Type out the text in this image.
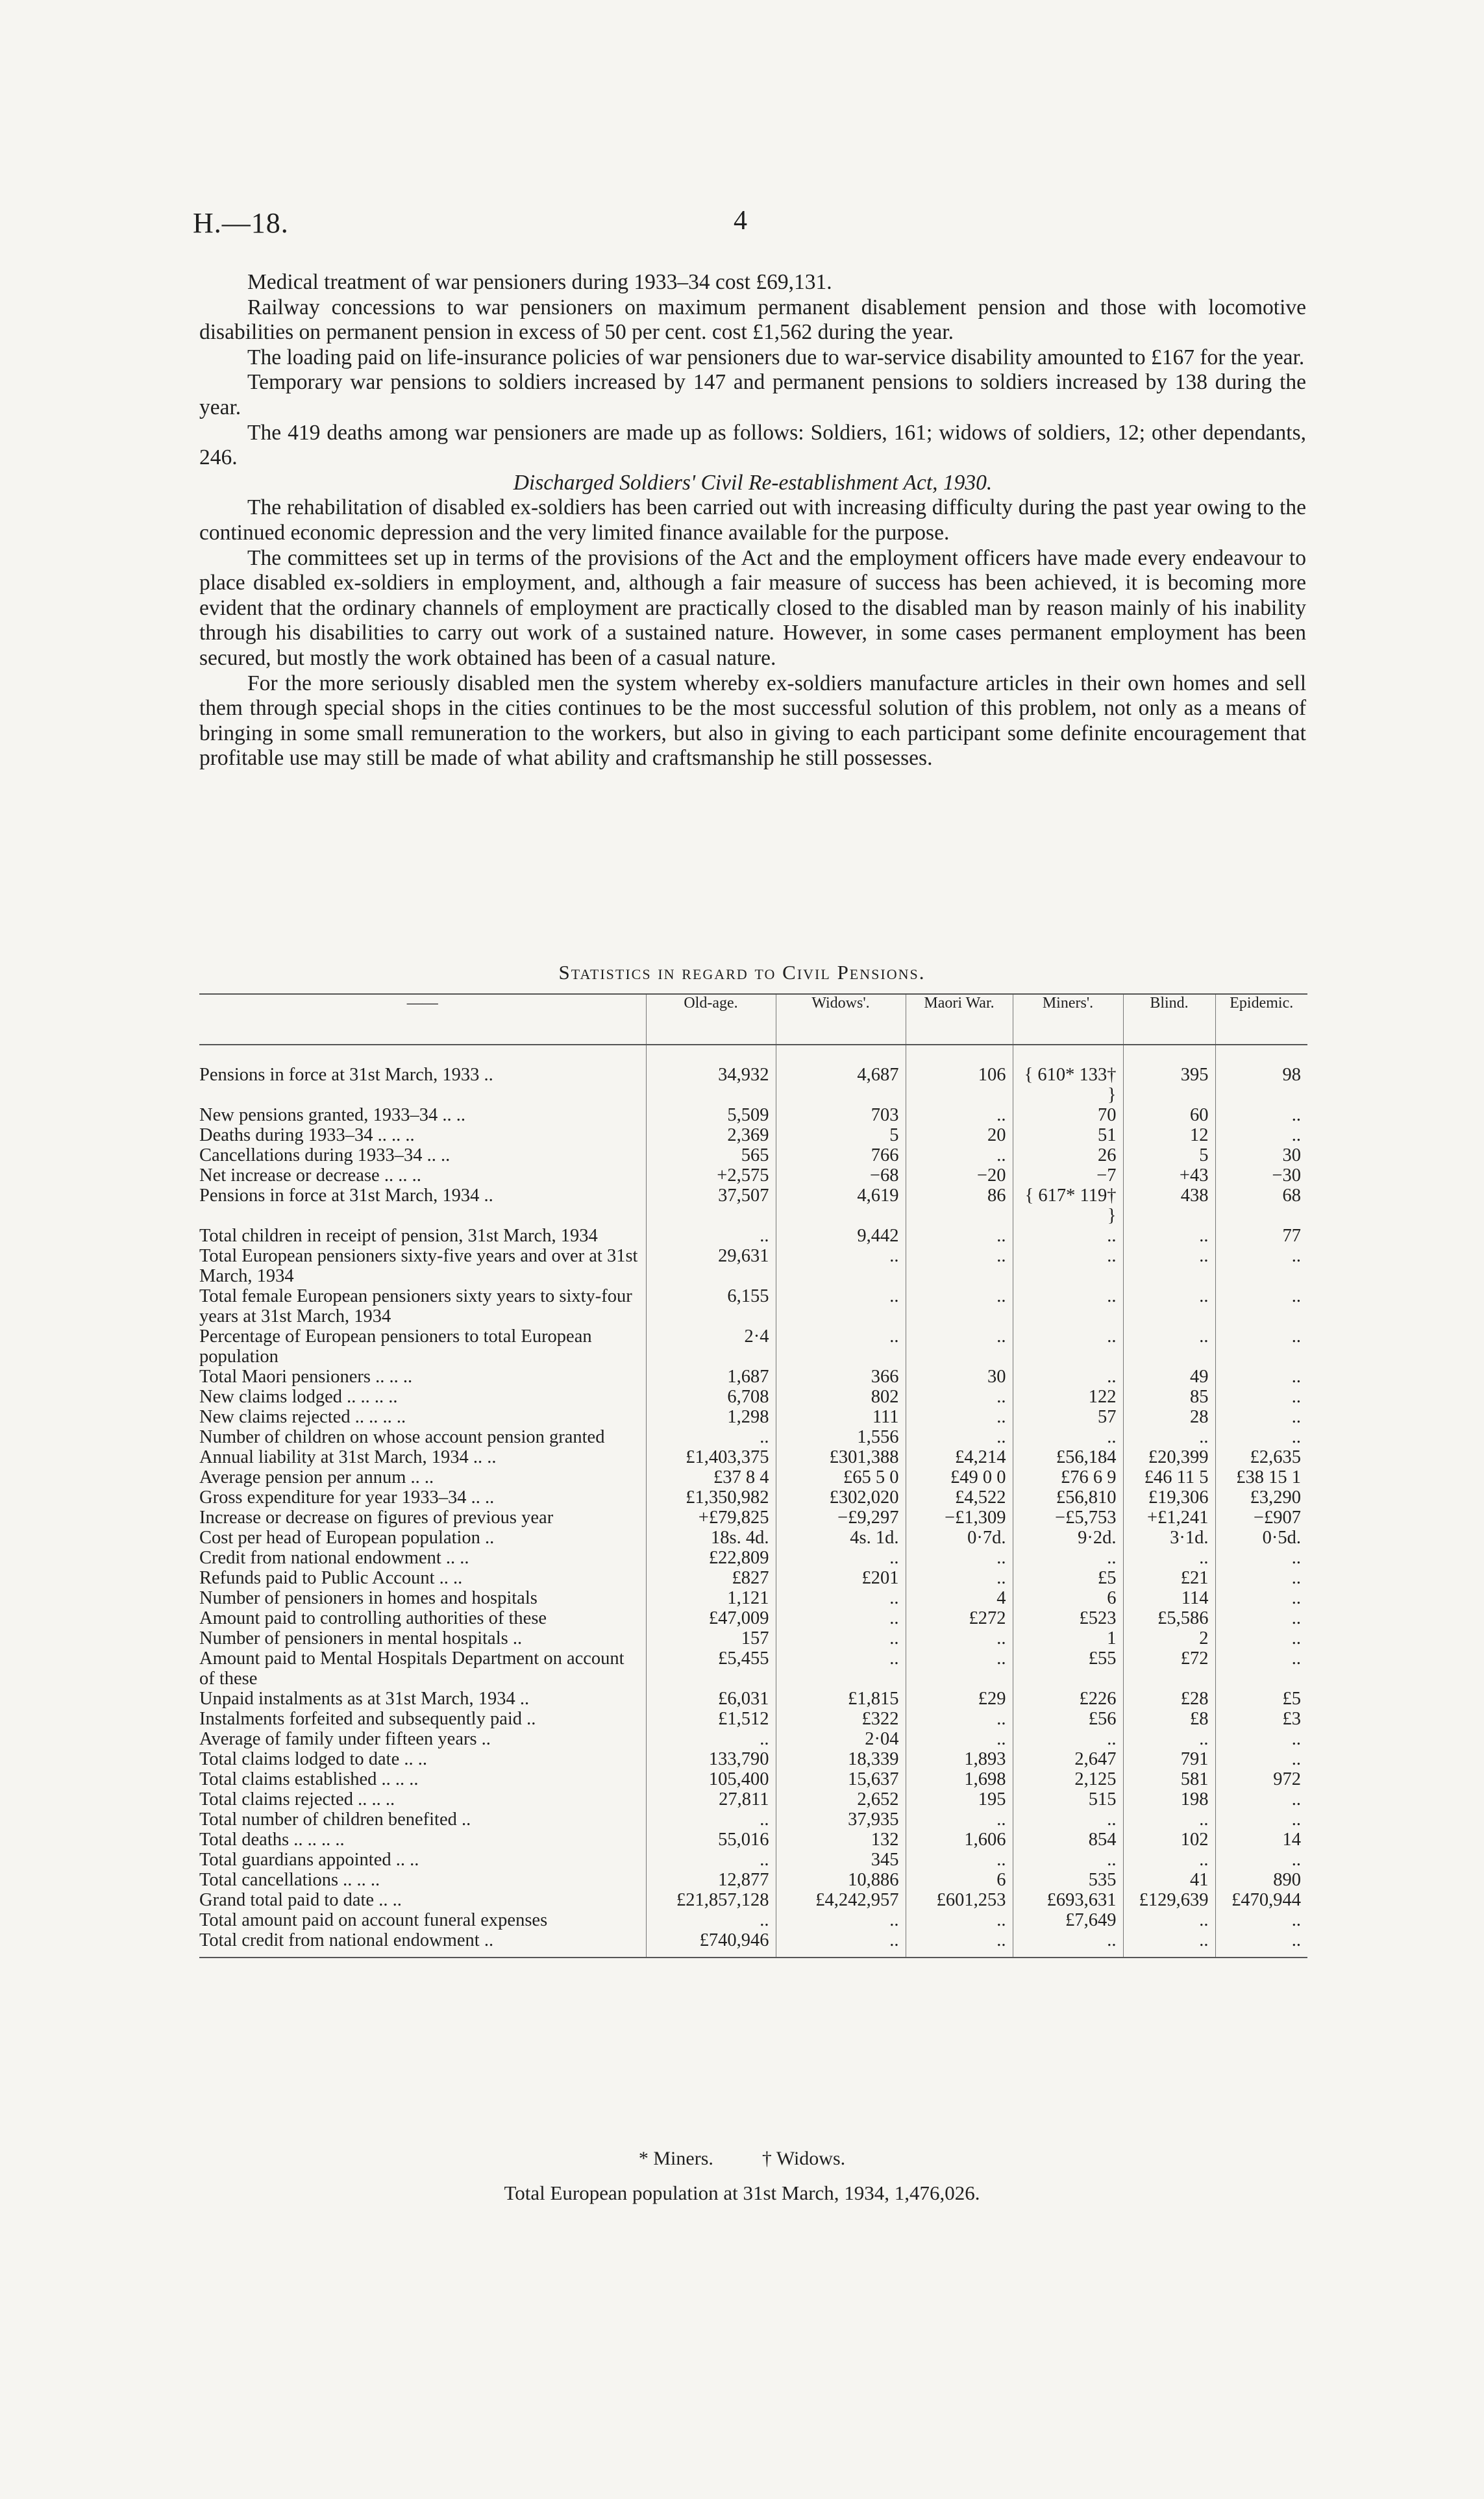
H.—18.	4

Medical treatment of war pensioners during 1933–34 cost £69,131.

Railway concessions to war pensioners on maximum permanent disablement pension and those with locomotive disabilities on permanent pension in excess of 50 per cent. cost £1,562 during the year.

The loading paid on life-insurance policies of war pensioners due to war-service disability amounted to £167 for the year.

Temporary war pensions to soldiers increased by 147 and permanent pensions to soldiers increased by 138 during the year.

The 419 deaths among war pensioners are made up as follows: Soldiers, 161; widows of soldiers, 12; other dependants, 246.

Discharged Soldiers' Civil Re-establishment Act, 1930.

The rehabilitation of disabled ex-soldiers has been carried out with increasing difficulty during the past year owing to the continued economic depression and the very limited finance available for the purpose.

The committees set up in terms of the provisions of the Act and the employment officers have made every endeavour to place disabled ex-soldiers in employment, and, although a fair measure of success has been achieved, it is becoming more evident that the ordinary channels of employment are practically closed to the disabled man by reason mainly of his inability through his disabilities to carry out work of a sustained nature. However, in some cases permanent employment has been secured, but mostly the work obtained has been of a casual nature.

For the more seriously disabled men the system whereby ex-soldiers manufacture articles in their own homes and sell them through special shops in the cities continues to be the most successful solution of this problem, not only as a means of bringing in some small remuneration to the workers, but also in giving to each participant some definite encouragement that profitable use may still be made of what ability and craftsmanship he still possesses.

Statistics in regard to Civil Pensions.
——	Old-age.	Widows'.	Maori War.	Miners'.	Blind.	Epidemic.

Pensions in force at 31st March, 1933 ..	34,932	4,687	106	{ 610* 133† }	395	98
New pensions granted, 1933–34 .. ..	5,509	703	..	70	60	..
Deaths during 1933–34 .. .. ..	2,369	5	20	51	12	..
Cancellations during 1933–34 .. ..	565	766	..	26	5	30
Net increase or decrease .. .. ..	+2,575	−68	−20	−7	+43	−30
Pensions in force at 31st March, 1934 ..	37,507	4,619	86	{ 617* 119† }	438	68
Total children in receipt of pension, 31st March, 1934	..	9,442	..	..	..	77
Total European pensioners sixty-five years and over at 31st March, 1934	29,631	..	..	..	..	..
Total female European pensioners sixty years to sixty-four years at 31st March, 1934	6,155	..	..	..	..	..
Percentage of European pensioners to total European population	2·4	..	..	..	..	..
Total Maori pensioners .. .. ..	1,687	366	30	..	49	..
New claims lodged .. .. .. ..	6,708	802	..	122	85	..
New claims rejected .. .. .. ..	1,298	111	..	57	28	..
Number of children on whose account pension granted	..	1,556	..	..	..	..
Annual liability at 31st March, 1934 .. ..	£1,403,375	£301,388	£4,214	£56,184	£20,399	£2,635
Average pension per annum .. ..	£37 8 4	£65 5 0	£49 0 0	£76 6 9	£46 11 5	£38 15 1
Gross expenditure for year 1933–34 .. ..	£1,350,982	£302,020	£4,522	£56,810	£19,306	£3,290
Increase or decrease on figures of previous year	+£79,825	−£9,297	−£1,309	−£5,753	+£1,241	−£907
Cost per head of European population ..	18s. 4d.	4s. 1d.	0·7d.	9·2d.	3·1d.	0·5d.
Credit from national endowment .. ..	£22,809	..	..	..	..	..
Refunds paid to Public Account .. ..	£827	£201	..	£5	£21	..
Number of pensioners in homes and hospitals	1,121	..	4	6	114	..
Amount paid to controlling authorities of these	£47,009	..	£272	£523	£5,586	..
Number of pensioners in mental hospitals ..	157	..	..	1	2	..
Amount paid to Mental Hospitals Department on account of these	£5,455	..	..	£55	£72	..
Unpaid instalments as at 31st March, 1934 ..	£6,031	£1,815	£29	£226	£28	£5
Instalments forfeited and subsequently paid ..	£1,512	£322	..	£56	£8	£3
Average of family under fifteen years ..	..	2·04	..	..	..	..
Total claims lodged to date .. ..	133,790	18,339	1,893	2,647	791	..
Total claims established .. .. ..	105,400	15,637	1,698	2,125	581	972
Total claims rejected .. .. ..	27,811	2,652	195	515	198	..
Total number of children benefited ..	..	37,935	..	..	..	..
Total deaths .. .. .. ..	55,016	132	1,606	854	102	14
Total guardians appointed .. ..	..	345	..	..	..	..
Total cancellations .. .. ..	12,877	10,886	6	535	41	890
Grand total paid to date .. ..	£21,857,128	£4,242,957	£601,253	£693,631	£129,639	£470,944
Total amount paid on account funeral expenses	..	..	..	£7,649	..	..
Total credit from national endowment ..	£740,946	..	..	..	..	..
* Miners.          † Widows.
Total European population at 31st March, 1934, 1,476,026.
